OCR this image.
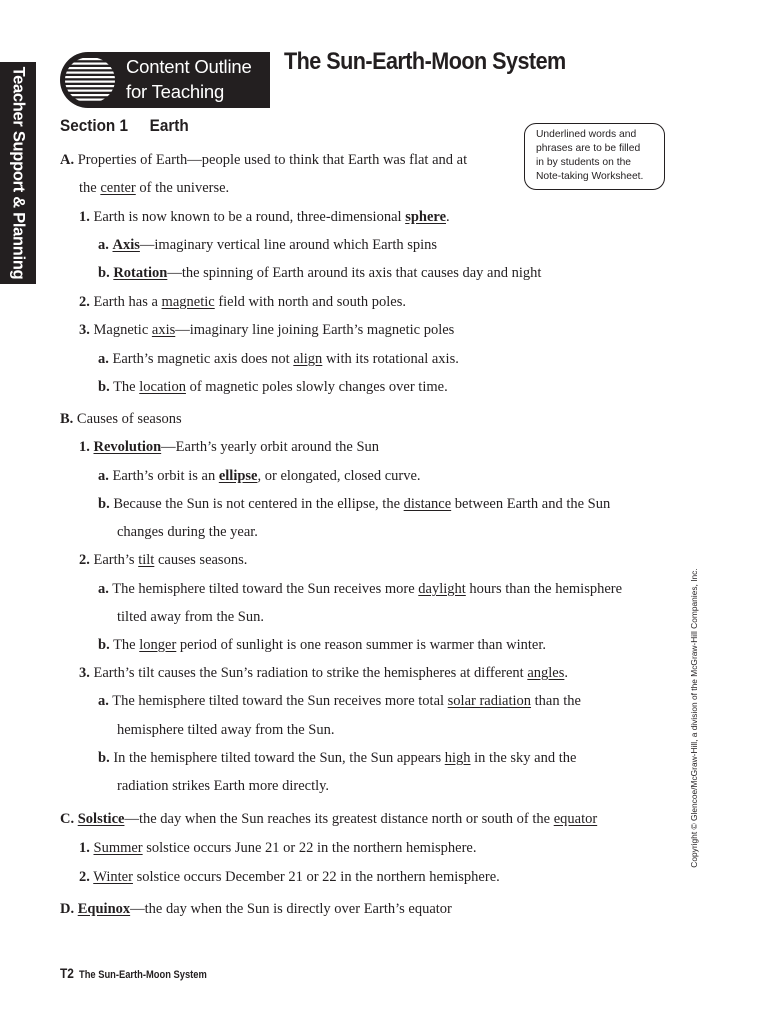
Teacher Support & Planning
Copyright © Glencoe/McGraw-Hill, a division of the McGraw-Hill Companies, Inc.
Content Outline
for Teaching
The Sun-Earth-Moon System
Section 1 Earth	Underlined words and
phrases are to be filled
in by students on the
Note-taking Worksheet.
A. Properties of Earth—people used to think that Earth was flat and at
the center of the universe.
1. Earth is now known to be a round, three-dimensional sphere.
a. Axis—imaginary vertical line around which Earth spins
b. Rotation—the spinning of Earth around its axis that causes day and night
2. Earth has a magnetic field with north and south poles.
3. Magnetic axis—imaginary line joining Earth’s magnetic poles
a. Earth’s magnetic axis does not align with its rotational axis.
b. The location of magnetic poles slowly changes over time.
B. Causes of seasons
1. Revolution—Earth’s yearly orbit around the Sun
a. Earth’s orbit is an ellipse, or elongated, closed curve.
b. Because the Sun is not centered in the ellipse, the distance between Earth and the Sun
changes during the year.
2. Earth’s tilt causes seasons.
a. The hemisphere tilted toward the Sun receives more daylight hours than the hemisphere
tilted away from the Sun.
b. The longer period of sunlight is one reason summer is warmer than winter.
3. Earth’s tilt causes the Sun’s radiation to strike the hemispheres at different angles.
a. The hemisphere tilted toward the Sun receives more total solar radiation than the
hemisphere tilted away from the Sun.
b. In the hemisphere tilted toward the Sun, the Sun appears high in the sky and the
radiation strikes Earth more directly.
C. Solstice—the day when the Sun reaches its greatest distance north or south of the equator
1. Summer solstice occurs June 21 or 22 in the northern hemisphere.
2. Winter solstice occurs December 21 or 22 in the northern hemisphere.
D. Equinox—the day when the Sun is directly over Earth’s equator
T2 The Sun-Earth-Moon System
